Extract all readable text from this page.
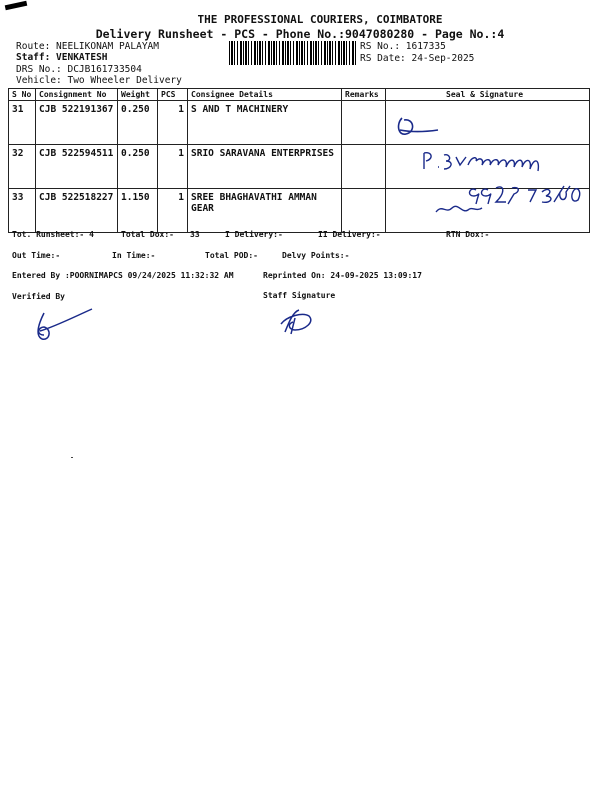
THE PROFESSIONAL COURIERS, COIMBATORE
Delivery Runsheet - PCS - Phone No.:9047080280 - Page No.:4
Route: NEELIKONAM PALAYAM
Staff: VENKATESH
DRS No.: DCJB161733504
Vehicle: Two Wheeler Delivery
RS No.: 1617335
RS Date: 24-Sep-2025
S No	Consignment No	Weight	PCS	Consignee Details	Remarks	Seal & Signature
31	CJB 522191367	0.250	1	S AND T MACHINERY		
32	CJB 522594511	0.250	1	SRIO SARAVANA ENTERPRISES		
33	CJB 522518227	1.150	1	SREE BHAGHAVATHI AMMAN GEAR		
Tot. Runsheet:- 4	Total Dox:- 33	I Delivery:-	II Delivery:-	RTN Dox:-
Out Time:-	In Time:-	Total POD:-	Delvy Points:-
Entered By :POORNIMAPCS 09/24/2025 11:32:32 AM	Reprinted On: 24-09-2025 13:09:17
Verified By	Staff Signature
